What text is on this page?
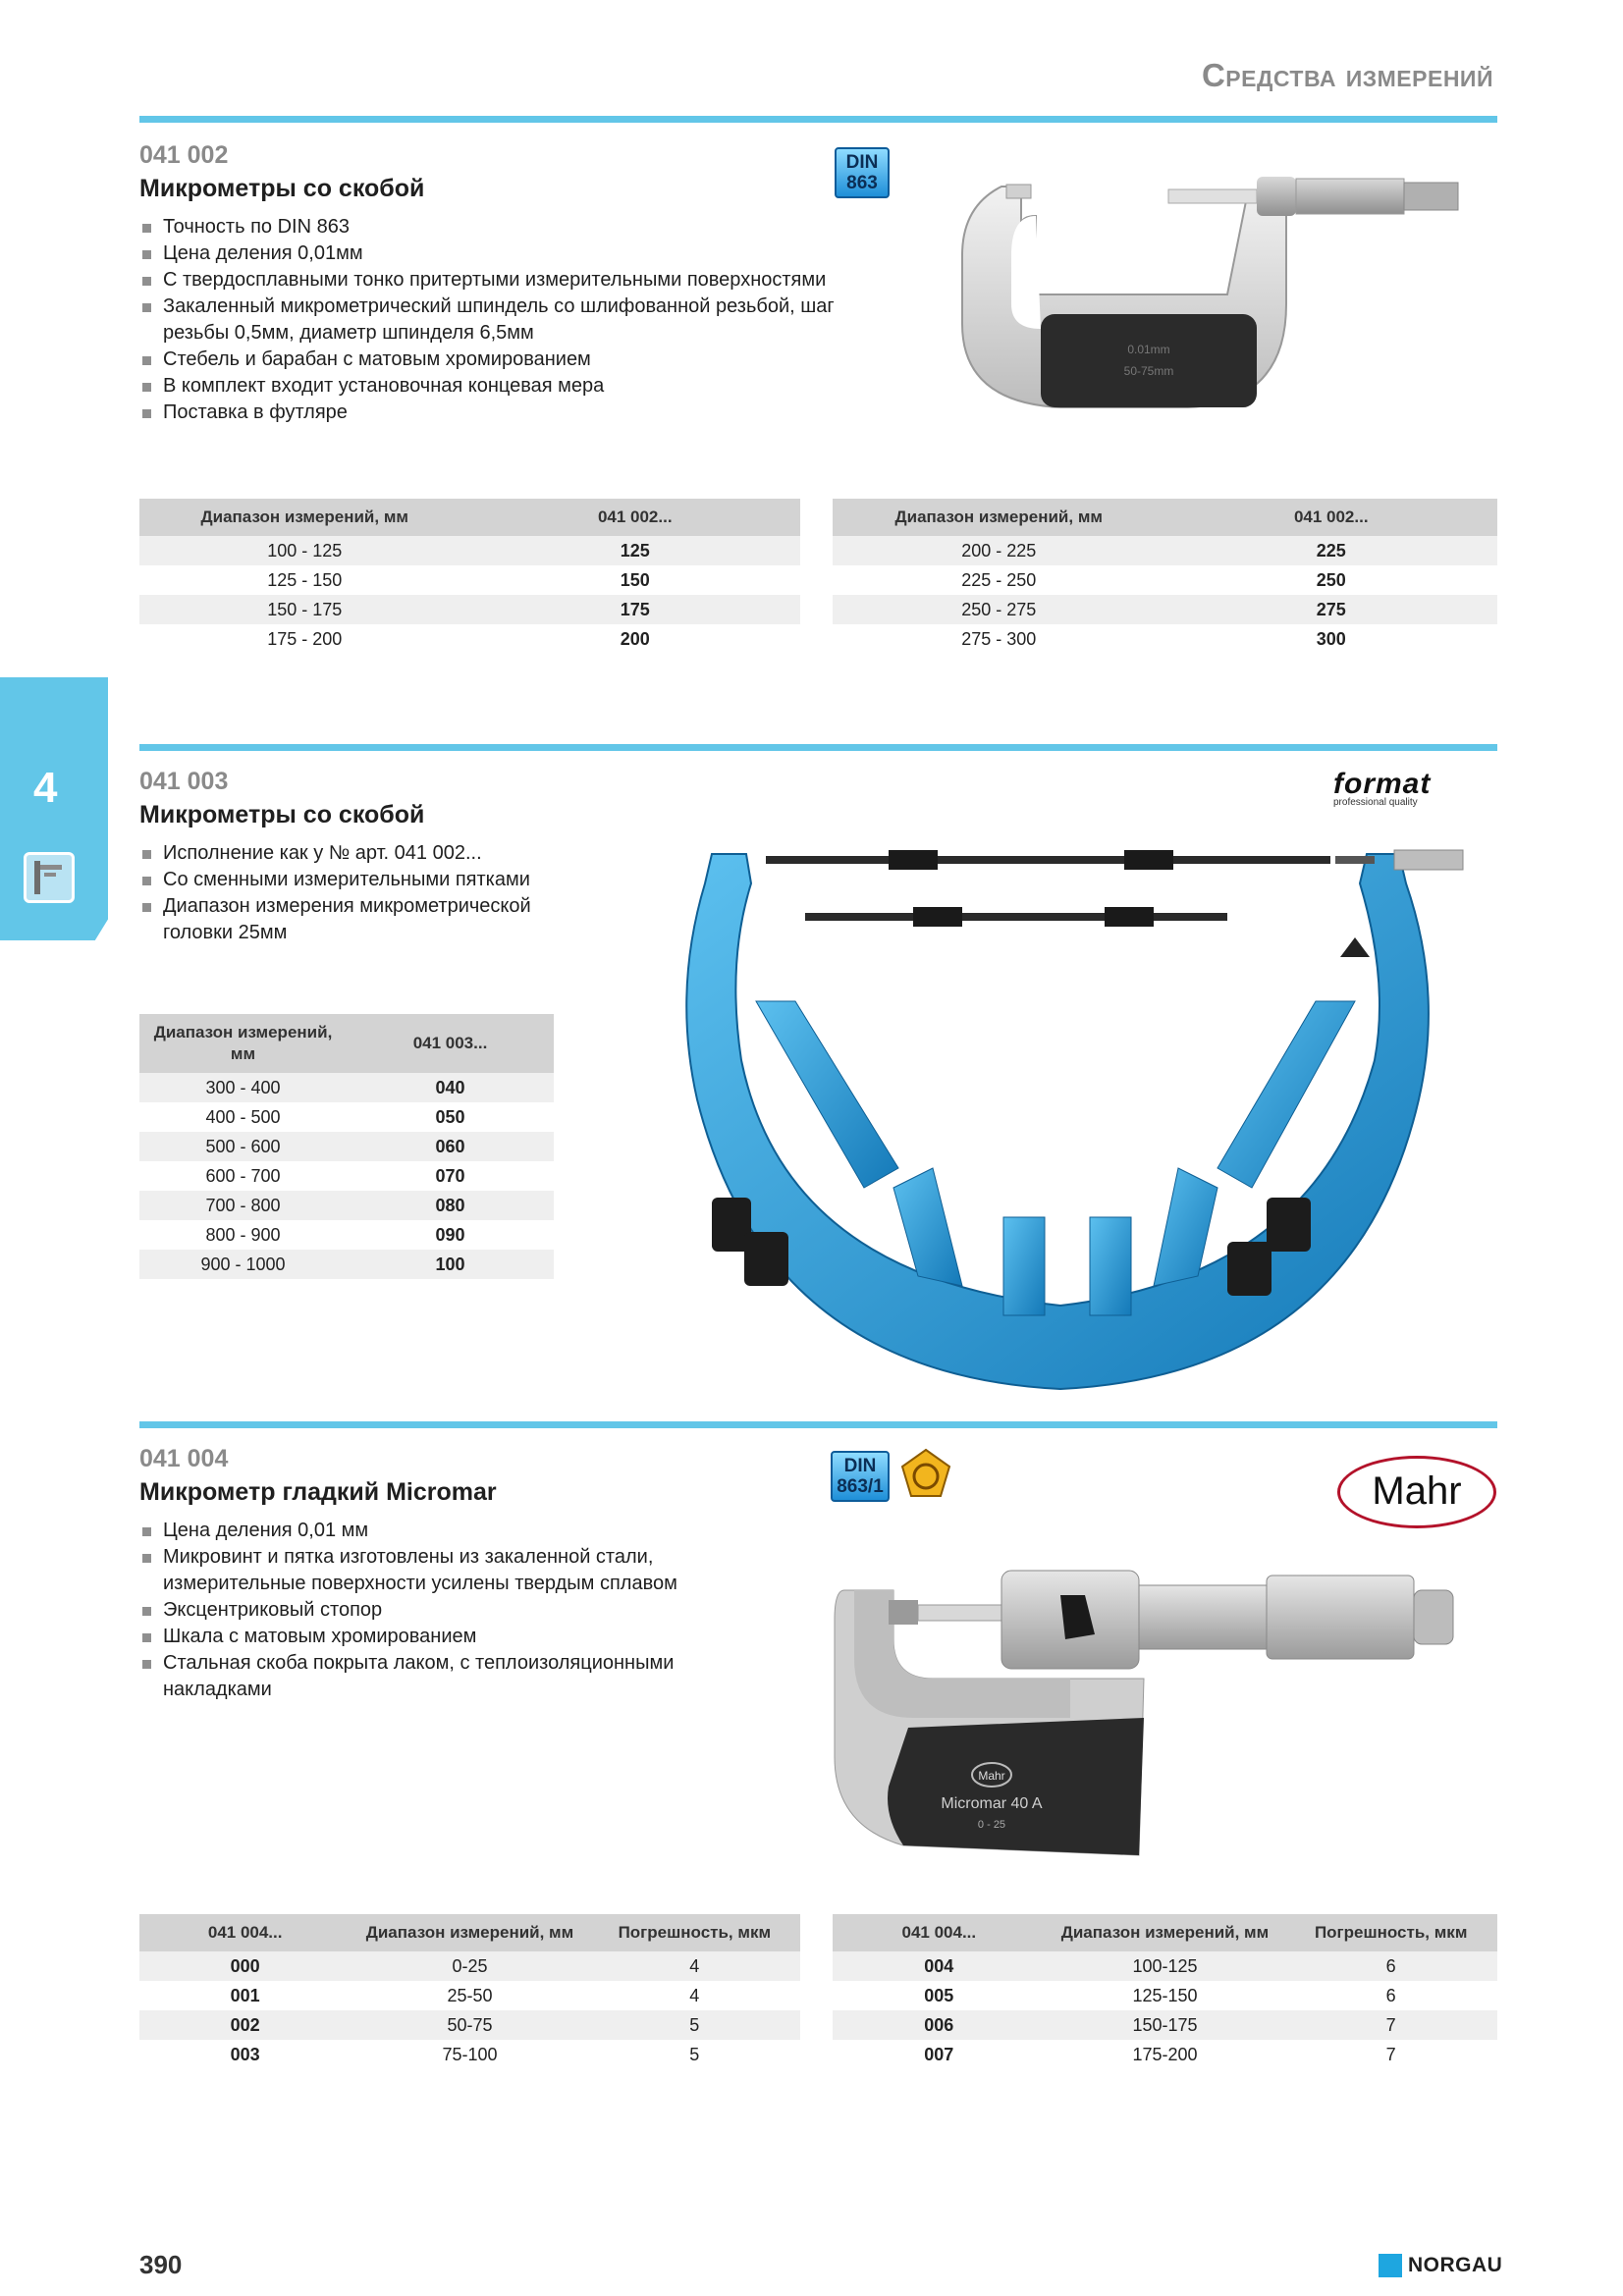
Средства измерений
4
041 002
Микрометры со скобой
DIN
863
Точность по DIN 863
Цена деления 0,01мм
С твердосплавными тонко притертыми измерительными поверхностями
Закаленный микрометрический шпиндель со шлифованной резьбой, шаг резьбы 0,5мм, диаметр шпинделя 6,5мм
Стебель и барабан с матовым хромированием
В комплект входит установочная концевая мера
Поставка в футляре
0.01mm
50-75mm
Диапазон измерений, мм	041 002...
100 - 125	125
125 - 150	150
150 - 175	175
175 - 200	200
Диапазон измерений, мм	041 002...
200 - 225	225
225 - 250	250
250 - 275	275
275 - 300	300
041 003
Микрометры со скобой
format
professional quality
Исполнение как у № арт. 041 002...
Со сменными измерительными пятками
Диапазон измерения микрометрической головки 25мм
Диапазон измерений, мм	041 003...
300 - 400	040
400 - 500	050
500 - 600	060
600 - 700	070
700 - 800	080
800 - 900	090
900 - 1000	100
041 004
Микрометр гладкий Micromar
DIN
863/1	Mahr
Цена деления 0,01 мм
Микровинт и пятка изготовлены из закаленной стали, измерительные поверхности усилены твердым сплавом
Эксцентриковый стопор
Шкала с матовым хромированием
Стальная скоба покрыта лаком, с теплоизоляционными накладками
Mahr
Micromar 40 A
0 - 25
041 004...	Диапазон измерений, мм	Погрешность, мкм
000	0-25	4
001	25-50	4
002	50-75	5
003	75-100	5
041 004...	Диапазон измерений, мм	Погрешность, мкм
004	100-125	6
005	125-150	6
006	150-175	7
007	175-200	7
390	NORGAU
